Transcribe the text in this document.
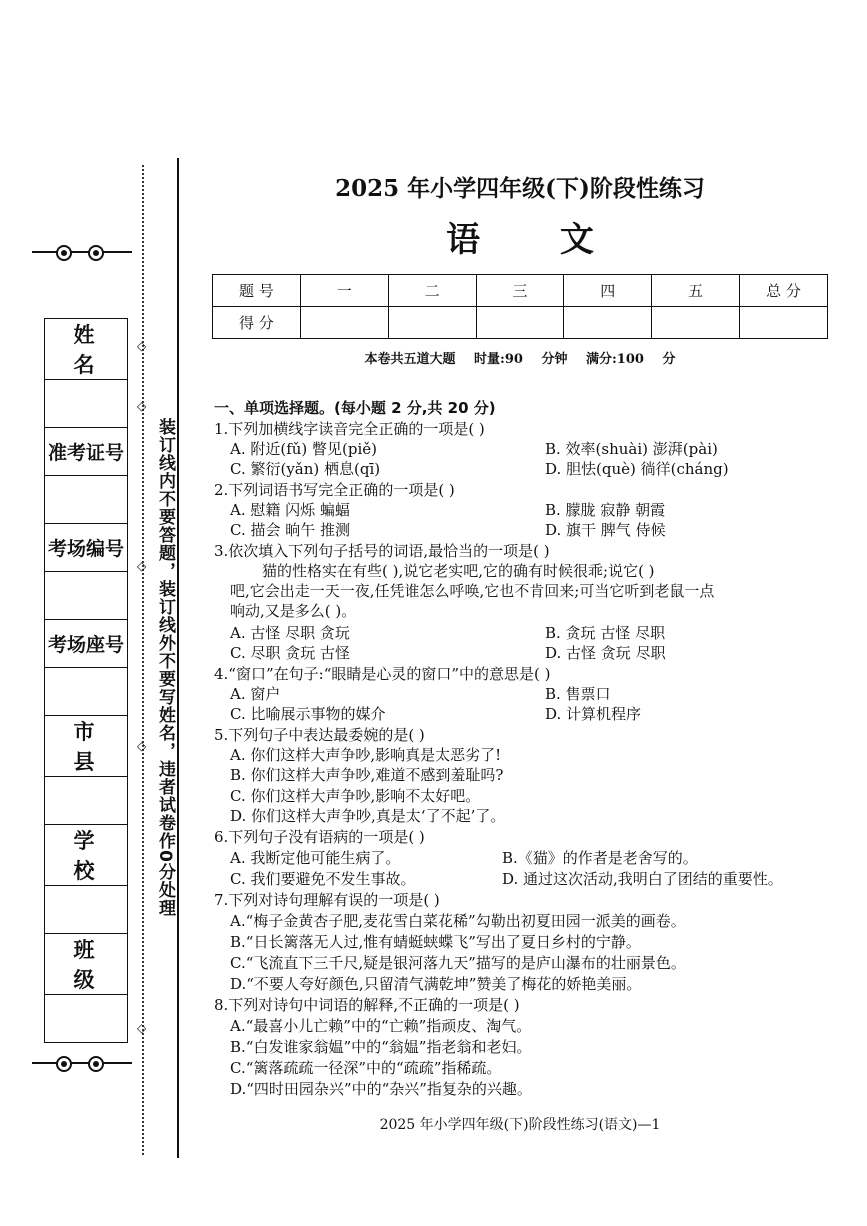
姓 名

准考证号

考场编号

考场座号

市 县

学 校

班 级

◇
◇
◇
◇
◇
装订线内不要答题，装订线外不要写姓名，违者试卷作0分处理
2025 年小学四年级(下)阶段性练习
语 文
题 号	一	二	三	四	五	总 分
得 分						
本卷共五道大题 时量:90 分钟 满分:100 分
一、单项选择题。(每小题 2 分,共 20 分)
1.下列加横线字读音完全正确的一项是( )
A. 附近(fǔ) 瞥见(piě)	B. 效率(shuài) 澎湃(pài)
C. 繁衍(yǎn) 栖息(qī)	D. 胆怯(què) 徜徉(cháng)
2.下列词语书写完全正确的一项是( )
A. 慰籍 闪烁 蝙蝠	B. 朦胧 寂静 朝霞
C. 描会 晌午 推测	D. 旗干 脾气 侍候
3.依次填入下列句子括号的词语,最恰当的一项是( )
猫的性格实在有些( ),说它老实吧,它的确有时候很乖;说它( )
吧,它会出走一天一夜,任凭谁怎么呼唤,它也不肯回来;可当它听到老鼠一点
响动,又是多么( )。
A. 古怪 尽职 贪玩	B. 贪玩 古怪 尽职
C. 尽职 贪玩 古怪	D. 古怪 贪玩 尽职
4.“窗口”在句子:“眼睛是心灵的窗口”中的意思是( )
A. 窗户	B. 售票口
C. 比喻展示事物的媒介	D. 计算机程序
5.下列句子中表达最委婉的是( )
A. 你们这样大声争吵,影响真是太恶劣了!
B. 你们这样大声争吵,难道不感到羞耻吗?
C. 你们这样大声争吵,影响不太好吧。
D. 你们这样大声争吵,真是太‘了不起’了。
6.下列句子没有语病的一项是( )
A. 我断定他可能生病了。	B.《猫》的作者是老舍写的。
C. 我们要避免不发生事故。	D. 通过这次活动,我明白了团结的重要性。
7.下列对诗句理解有误的一项是( )
A.“梅子金黄杏子肥,麦花雪白菜花稀”勾勒出初夏田园一派美的画卷。
B.“日长篱落无人过,惟有蜻蜓蛱蝶飞”写出了夏日乡村的宁静。
C.“飞流直下三千尺,疑是银河落九天”描写的是庐山瀑布的壮丽景色。
D.“不要人夸好颜色,只留清气满乾坤”赞美了梅花的娇艳美丽。
8.下列对诗句中词语的解释,不正确的一项是( )
A.“最喜小儿亡赖”中的“亡赖”指顽皮、淘气。
B.“白发谁家翁媪”中的“翁媪”指老翁和老妇。
C.“篱落疏疏一径深”中的“疏疏”指稀疏。
D.“四时田园杂兴”中的“杂兴”指复杂的兴趣。
2025 年小学四年级(下)阶段性练习(语文)—1
